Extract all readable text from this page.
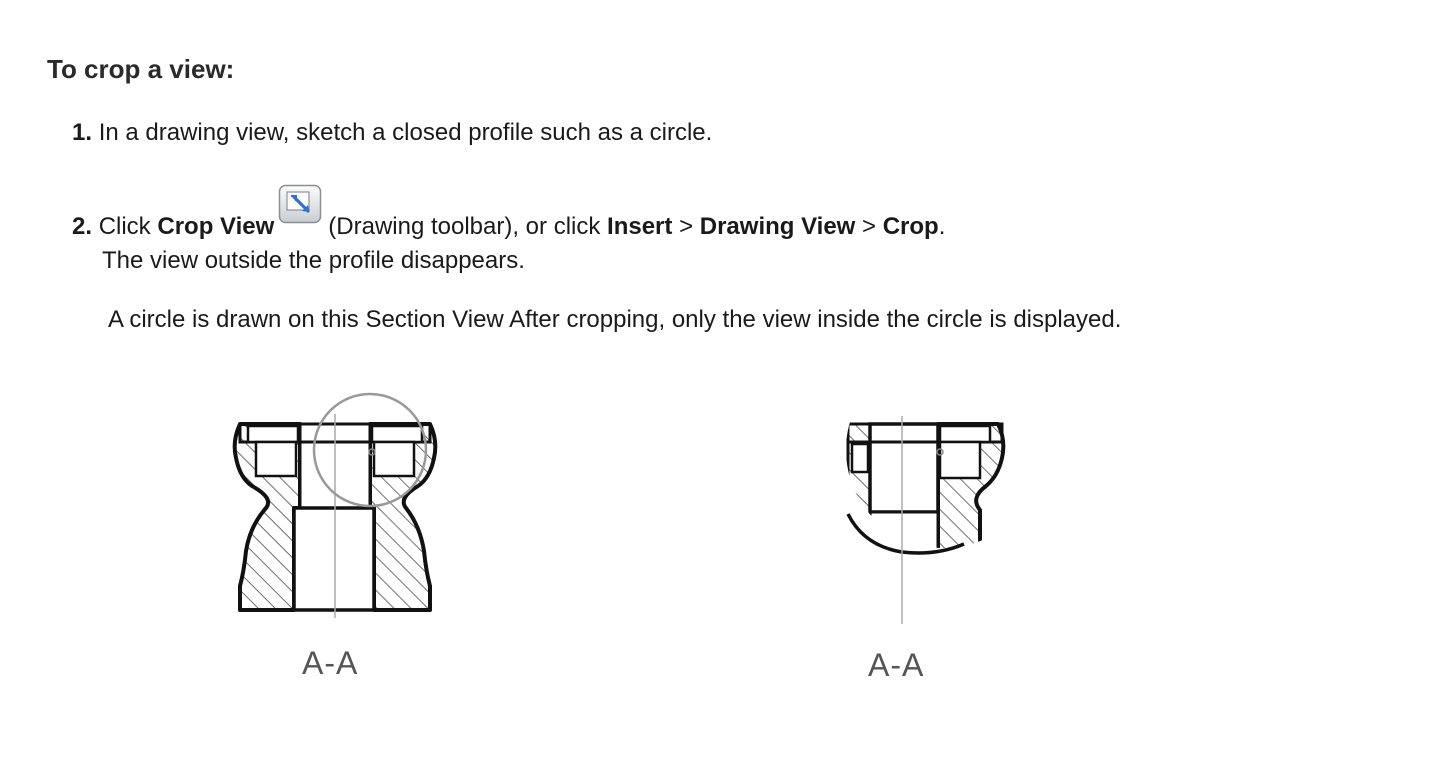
To crop a view:
1. In a drawing view, sketch a closed profile such as a circle.
2. Click Crop View (Drawing toolbar), or click Insert > Drawing View > Crop.
The view outside the profile disappears.
A circle is drawn on this Section View After cropping, only the view inside the circle is displayed.
A-A	A-A
